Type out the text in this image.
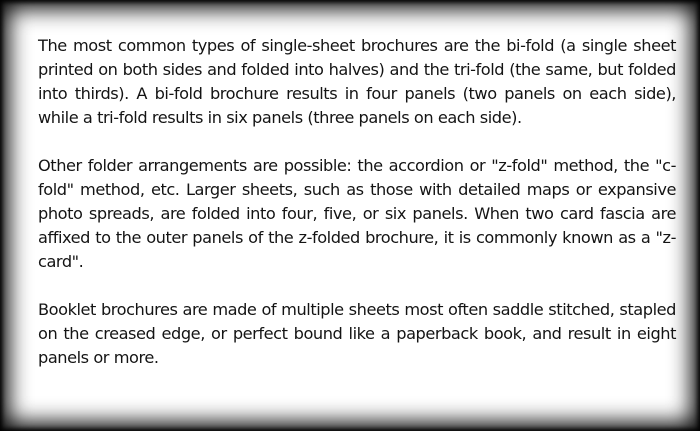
The most common types of single-sheet brochures are the bi-fold (a single sheet printed on both sides and folded into halves) and the tri-fold (the same, but folded into thirds). A bi-fold brochure results in four panels (two panels on each side), while a tri-fold results in six panels (three panels on each side).

Other folder arrangements are possible: the accordion or "z-fold" method, the "c-fold" method, etc. Larger sheets, such as those with detailed maps or expansive photo spreads, are folded into four, five, or six panels. When two card fascia are affixed to the outer panels of the z-folded brochure, it is commonly known as a "z-card".

Booklet brochures are made of multiple sheets most often saddle stitched, stapled on the creased edge, or perfect bound like a paperback book, and result in eight panels or more.
